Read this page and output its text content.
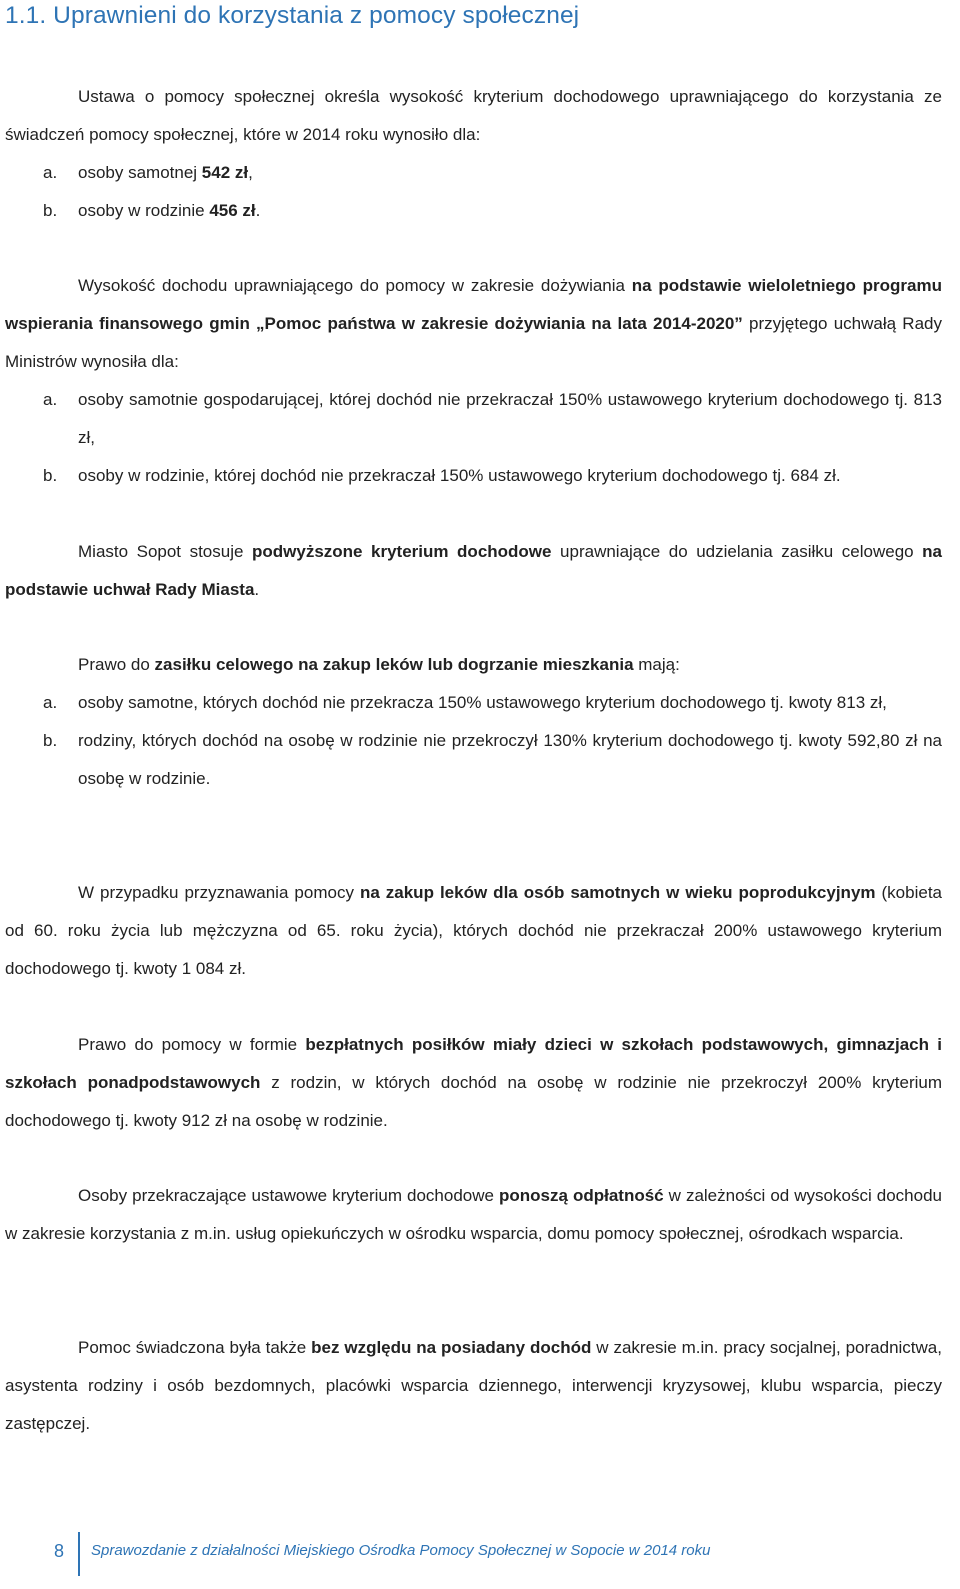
1.1. Uprawnieni do korzystania z pomocy społecznej
Ustawa o pomocy społecznej określa wysokość kryterium dochodowego uprawniającego do korzystania ze świadczeń pomocy społecznej, które w 2014 roku wynosiło dla:
a.	osoby samotnej 542 zł,
b.	osoby w rodzinie 456 zł.
Wysokość dochodu uprawniającego do pomocy w zakresie dożywiania na podstawie wieloletniego programu wspierania finansowego gmin „Pomoc państwa w zakresie dożywiania na lata 2014-2020” przyjętego uchwałą Rady Ministrów wynosiła dla:
a.	osoby samotnie gospodarującej, której dochód nie przekraczał 150% ustawowego kryterium dochodowego tj. 813 zł,
b.	osoby w rodzinie, której dochód nie przekraczał 150% ustawowego kryterium dochodowego tj. 684 zł.
Miasto Sopot stosuje podwyższone kryterium dochodowe uprawniające do udzielania zasiłku celowego na podstawie uchwał Rady Miasta.
Prawo do zasiłku celowego na zakup leków lub dogrzanie mieszkania mają:
a.	osoby samotne, których dochód nie przekracza 150% ustawowego kryterium dochodowego tj. kwoty 813 zł,
b.	rodziny, których dochód na osobę w rodzinie nie przekroczył 130% kryterium dochodowego tj. kwoty 592,80 zł na osobę w rodzinie.
W przypadku przyznawania pomocy na zakup leków dla osób samotnych w wieku poprodukcyjnym (kobieta od 60. roku życia lub mężczyzna od 65. roku życia), których dochód nie przekraczał 200% ustawowego kryterium dochodowego tj. kwoty 1 084 zł.
Prawo do pomocy w formie bezpłatnych posiłków miały dzieci w szkołach podstawowych, gimnazjach i szkołach ponadpodstawowych z rodzin, w których dochód na osobę w rodzinie nie przekroczył 200% kryterium dochodowego tj. kwoty 912 zł na osobę w rodzinie.
Osoby przekraczające ustawowe kryterium dochodowe ponoszą odpłatność w zależności od wysokości dochodu w zakresie korzystania z m.in. usług opiekuńczych w ośrodku wsparcia, domu pomocy społecznej, ośrodkach wsparcia.
Pomoc świadczona była także bez względu na posiadany dochód w zakresie m.in. pracy socjalnej, poradnictwa, asystenta rodziny i osób bezdomnych, placówki wsparcia dziennego, interwencji kryzysowej, klubu wsparcia, pieczy zastępczej.
8 Sprawozdanie z działalności Miejskiego Ośrodka Pomocy Społecznej w Sopocie w 2014 roku
